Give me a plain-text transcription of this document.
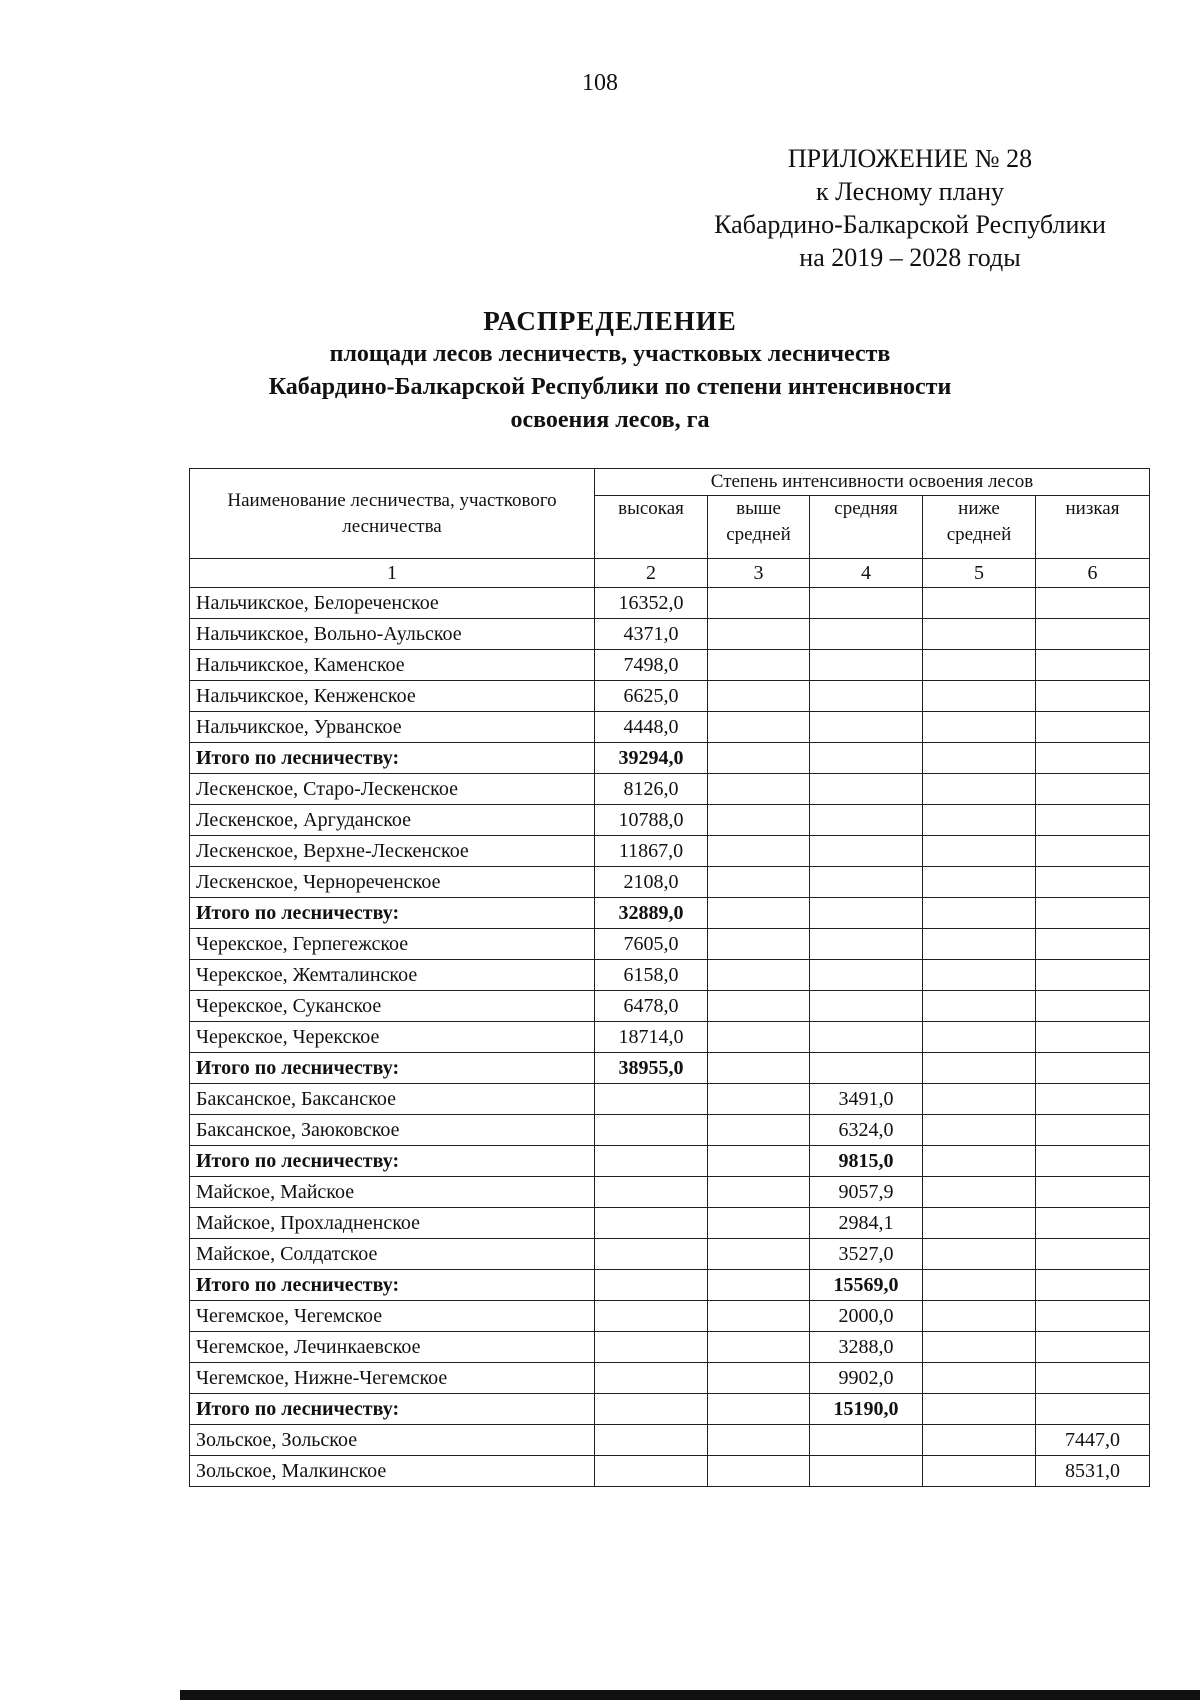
108
ПРИЛОЖЕНИЕ № 28
к Лесному плану
Кабардино-Балкарской Республики
на 2019 – 2028 годы
РАСПРЕДЕЛЕНИЕ
площади лесов лесничеств, участковых лесничеств
Кабардино-Балкарской Республики по степени интенсивности
освоения лесов, га
Наименование лесничества, участкового лесничества	Степень интенсивности освоения лесов				
	высокая	выше средней	средняя	ниже средней	низкая
1	2	3	4	5	6
Нальчикское, Белореченское	16352,0				
Нальчикское, Вольно-Аульское	4371,0				
Нальчикское, Каменское	7498,0				
Нальчикское, Кенженское	6625,0				
Нальчикское, Урванское	4448,0				
Итого по лесничеству:	39294,0				
Лескенское, Старо-Лескенское	8126,0				
Лескенское, Аргуданское	10788,0				
Лескенское, Верхне-Лескенское	11867,0				
Лескенское, Чернореченское	2108,0				
Итого по лесничеству:	32889,0				
Черекское, Герпегежское	7605,0				
Черекское, Жемталинское	6158,0				
Черекское, Суканское	6478,0				
Черекское, Черекское	18714,0				
Итого по лесничеству:	38955,0				
Баксанское, Баксанское			3491,0		
Баксанское, Заюковское			6324,0		
Итого по лесничеству:			9815,0		
Майское, Майское			9057,9		
Майское, Прохладненское			2984,1		
Майское, Солдатское			3527,0		
Итого по лесничеству:			15569,0		
Чегемское, Чегемское			2000,0		
Чегемское, Лечинкаевское			3288,0		
Чегемское, Нижне-Чегемское			9902,0		
Итого по лесничеству:			15190,0		
Зольское, Зольское					7447,0
Зольское, Малкинское					8531,0
